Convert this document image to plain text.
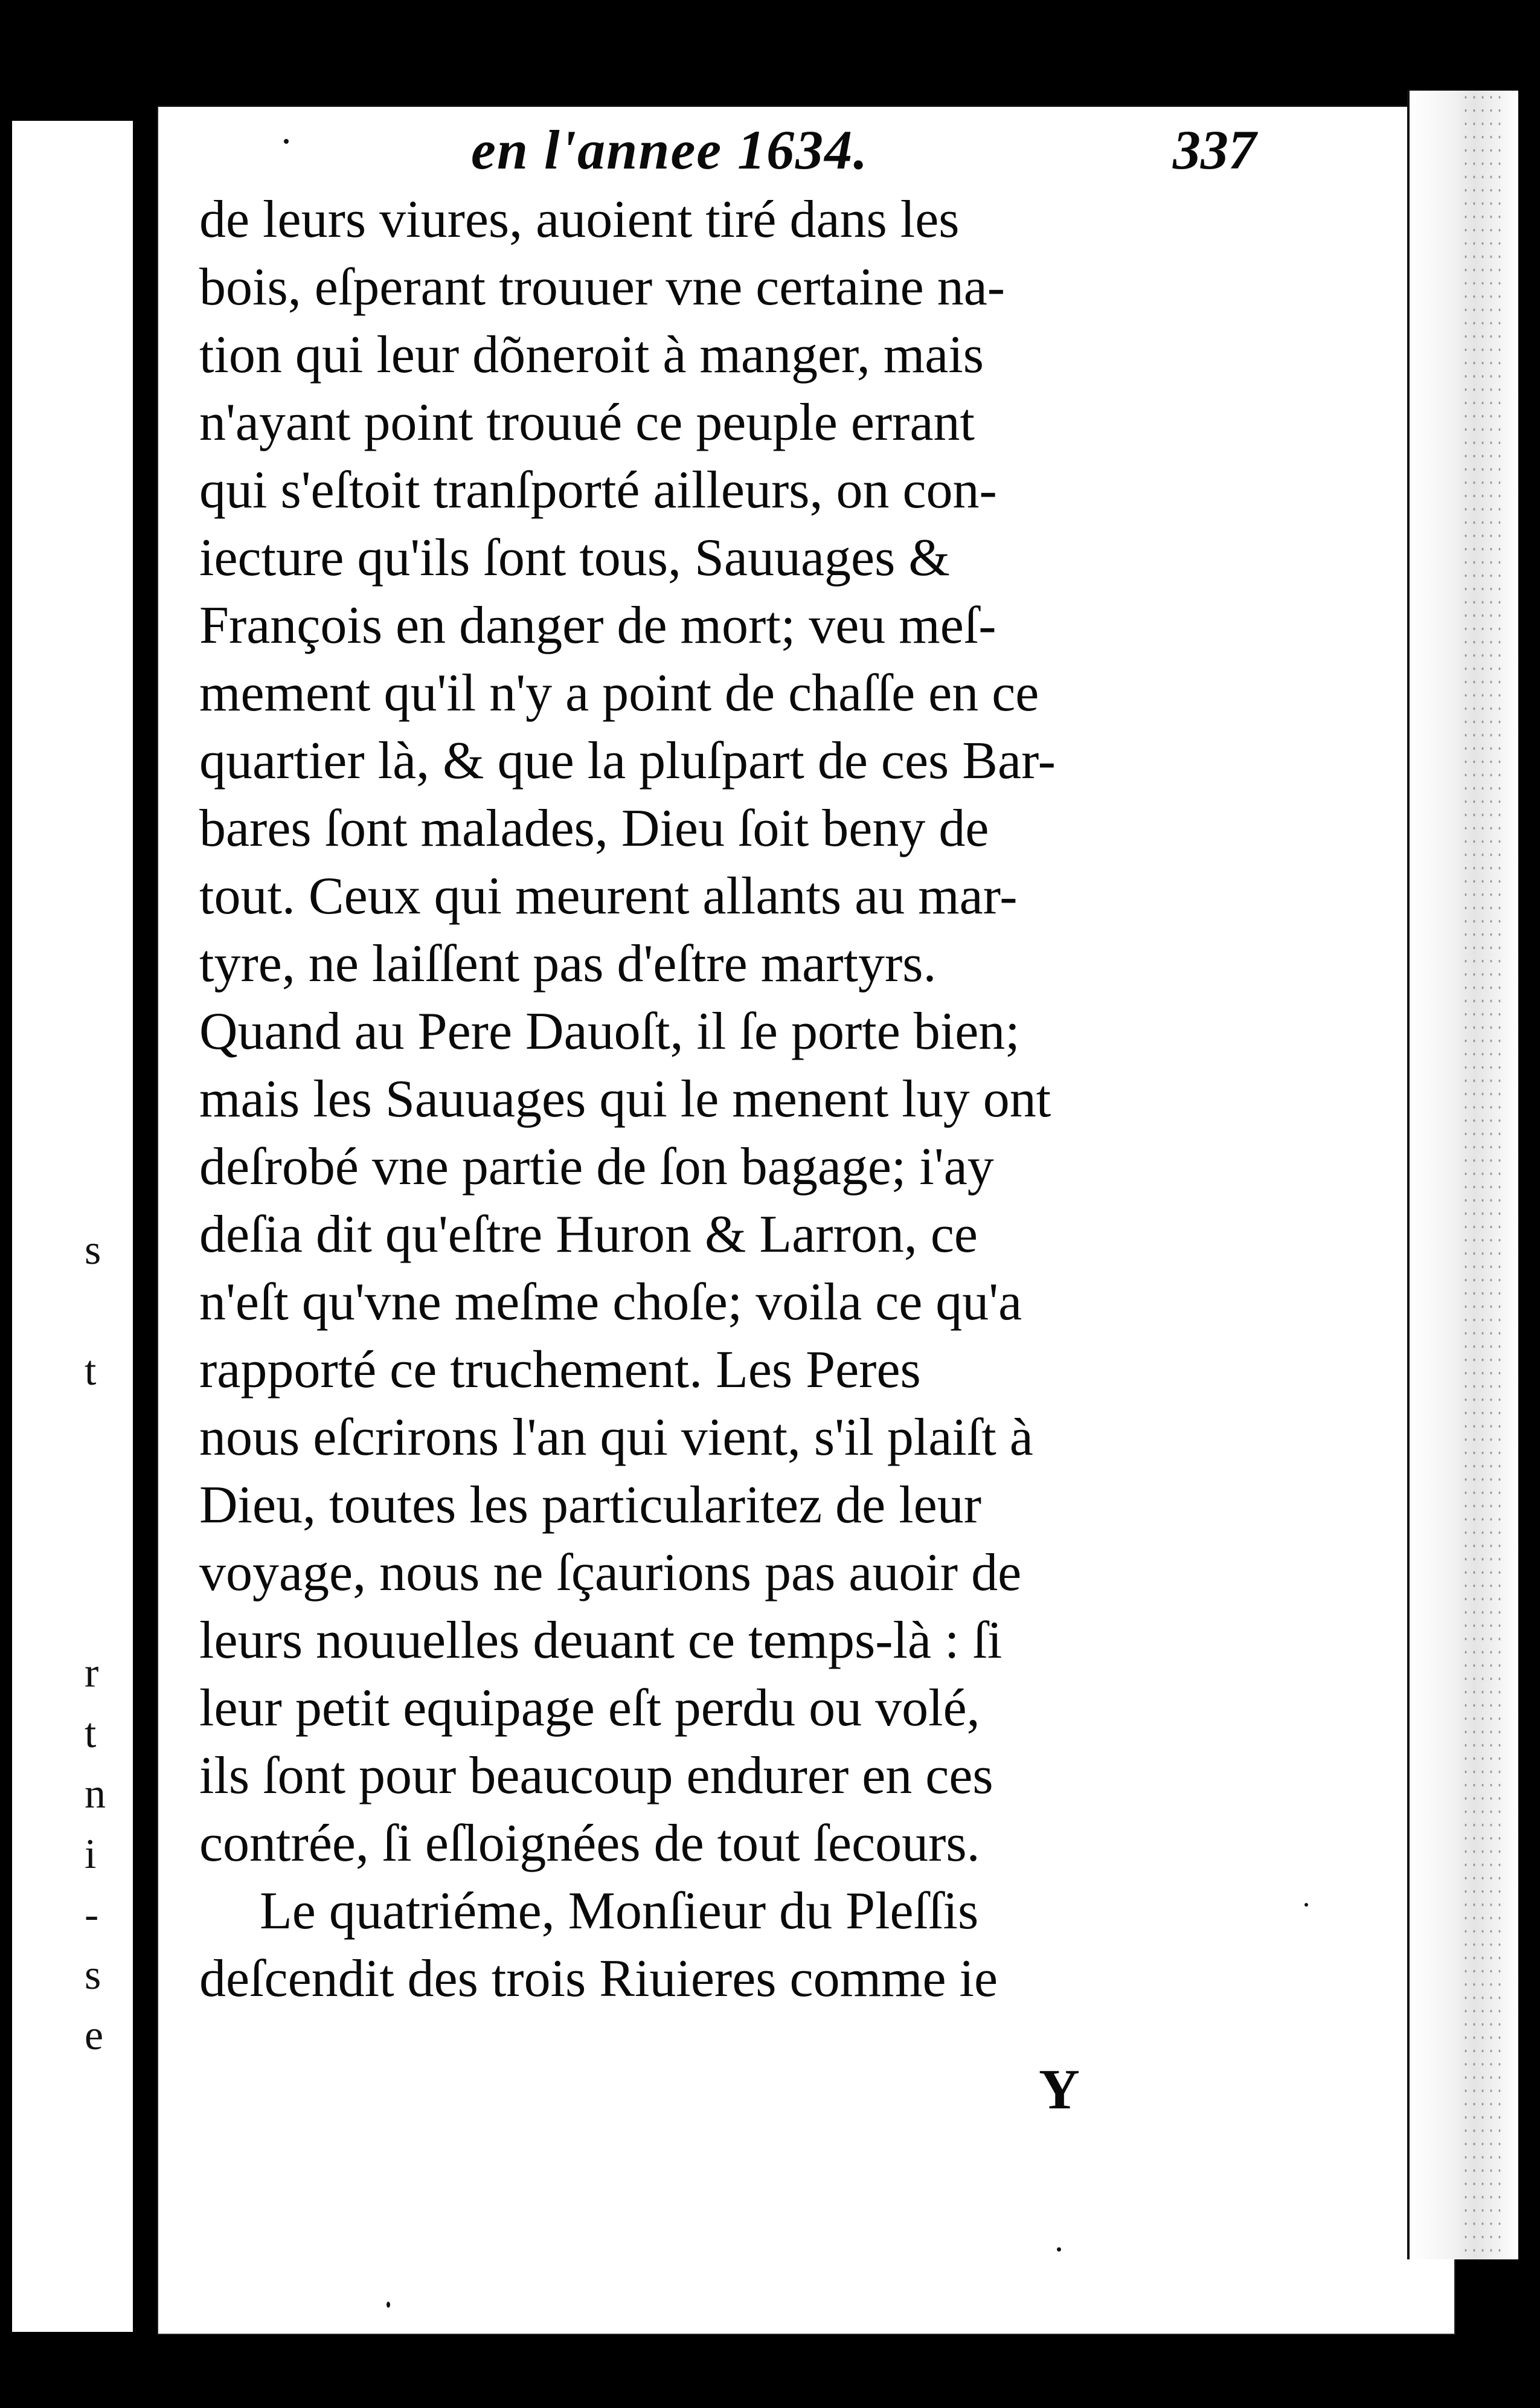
s
t
r
t
n
i
-
s
e
en l'annee 1634.	337
de leurs viures, auoient tiré dans les
bois, eſperant trouuer vne certaine na-
tion qui leur dõneroit à manger, mais
n'ayant point trouué ce peuple errant
qui s'eſtoit tranſporté ailleurs, on con-
iecture qu'ils ſont tous, Sauuages &
François en danger de mort; veu meſ-
mement qu'il n'y a point de chaſſe en ce
quartier là, & que la pluſpart de ces Bar-
bares ſont malades, Dieu ſoit beny de
tout. Ceux qui meurent allants au mar-
tyre, ne laiſſent pas d'eſtre martyrs.
Quand au Pere Dauoſt, il ſe porte bien;
mais les Sauuages qui le menent luy ont
deſrobé vne partie de ſon bagage; i'ay
deſia dit qu'eſtre Huron & Larron, ce
n'eſt qu'vne meſme choſe; voila ce qu'a
rapporté ce truchement. Les Peres
nous eſcrirons l'an qui vient, s'il plaiſt à
Dieu, toutes les particularitez de leur
voyage, nous ne ſçaurions pas auoir de
leurs nouuelles deuant ce temps-là : ſi
leur petit equipage eſt perdu ou volé,
ils ſont pour beaucoup endurer en ces
contrée, ſi eſloignées de tout ſecours.
Le quatriéme, Monſieur du Pleſſis
deſcendit des trois Riuieres comme ie
Y
